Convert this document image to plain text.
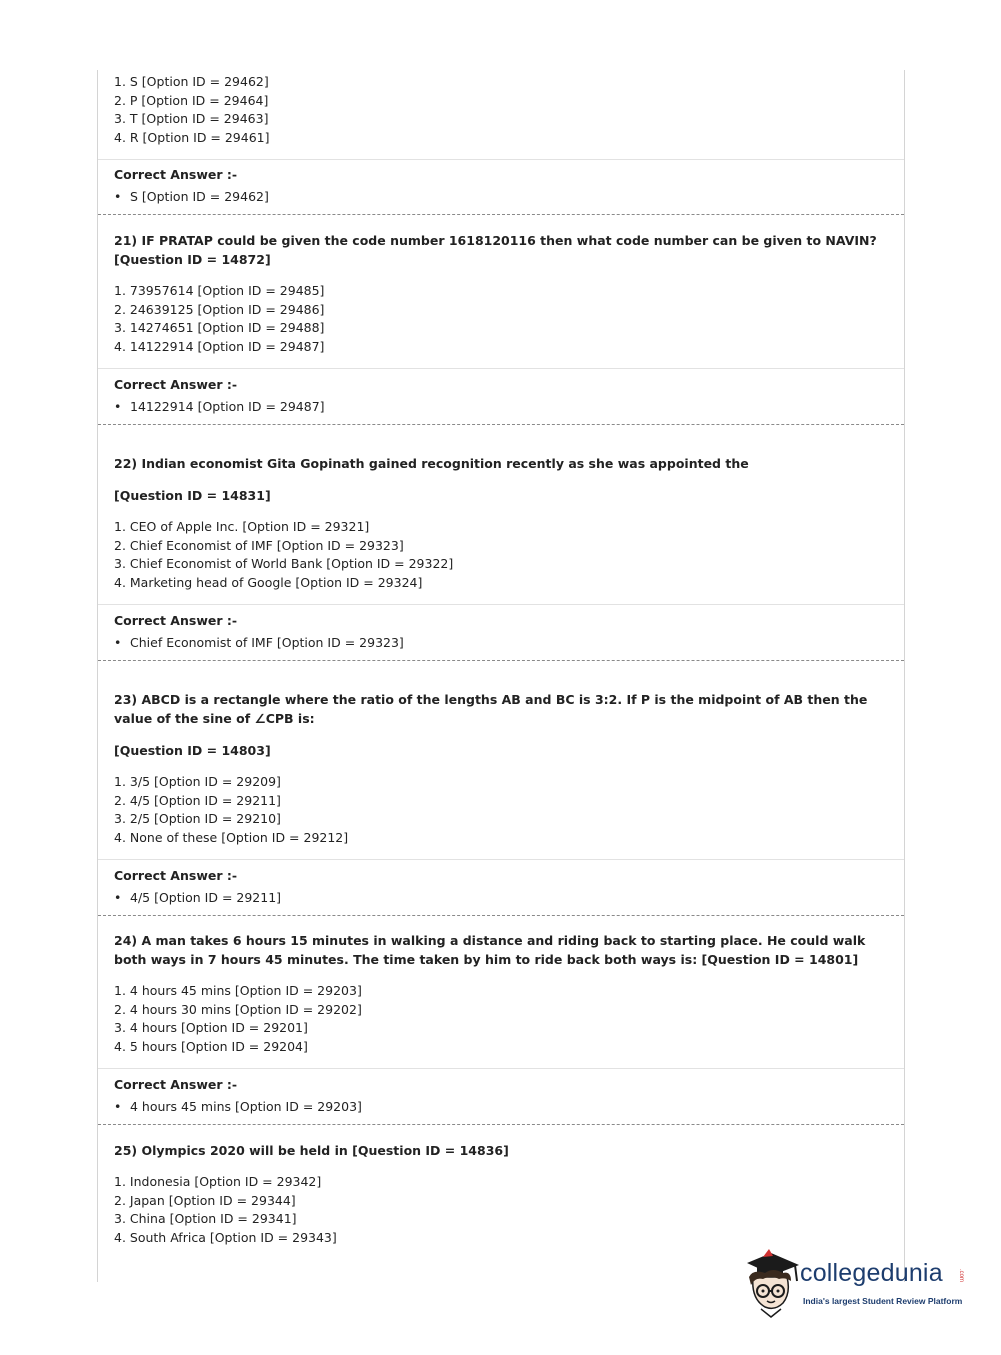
1. S [Option ID = 29462]
2. P [Option ID = 29464]
3. T [Option ID = 29463]
4. R [Option ID = 29461]
Correct Answer :-
• S [Option ID = 29462]
21) IF PRATAP could be given the code number 1618120116 then what code number can be given to NAVIN? [Question ID = 14872]
1. 73957614 [Option ID = 29485]
2. 24639125 [Option ID = 29486]
3. 14274651 [Option ID = 29488]
4. 14122914 [Option ID = 29487]
Correct Answer :-
• 14122914 [Option ID = 29487]
22) Indian economist Gita Gopinath gained recognition recently as she was appointed the
[Question ID = 14831]
1. CEO of Apple Inc. [Option ID = 29321]
2. Chief Economist of IMF [Option ID = 29323]
3. Chief Economist of World Bank [Option ID = 29322]
4. Marketing head of Google [Option ID = 29324]
Correct Answer :-
• Chief Economist of IMF [Option ID = 29323]
23) ABCD is a rectangle where the ratio of the lengths AB and BC is 3:2. If P is the midpoint of AB then the value of the sine of ∠CPB is:
[Question ID = 14803]
1. 3/5 [Option ID = 29209]
2. 4/5 [Option ID = 29211]
3. 2/5 [Option ID = 29210]
4. None of these [Option ID = 29212]
Correct Answer :-
• 4/5 [Option ID = 29211]
24) A man takes 6 hours 15 minutes in walking a distance and riding back to starting place. He could walk both ways in 7 hours 45 minutes. The time taken by him to ride back both ways is: [Question ID = 14801]
1. 4 hours 45 mins [Option ID = 29203]
2. 4 hours 30 mins [Option ID = 29202]
3. 4 hours [Option ID = 29201]
4. 5 hours [Option ID = 29204]
Correct Answer :-
• 4 hours 45 mins [Option ID = 29203]
25) Olympics 2020 will be held in [Question ID = 14836]
1. Indonesia [Option ID = 29342]
2. Japan [Option ID = 29344]
3. China [Option ID = 29341]
4. South Africa [Option ID = 29343]
collegedunia	.com
India's largest Student Review Platform
